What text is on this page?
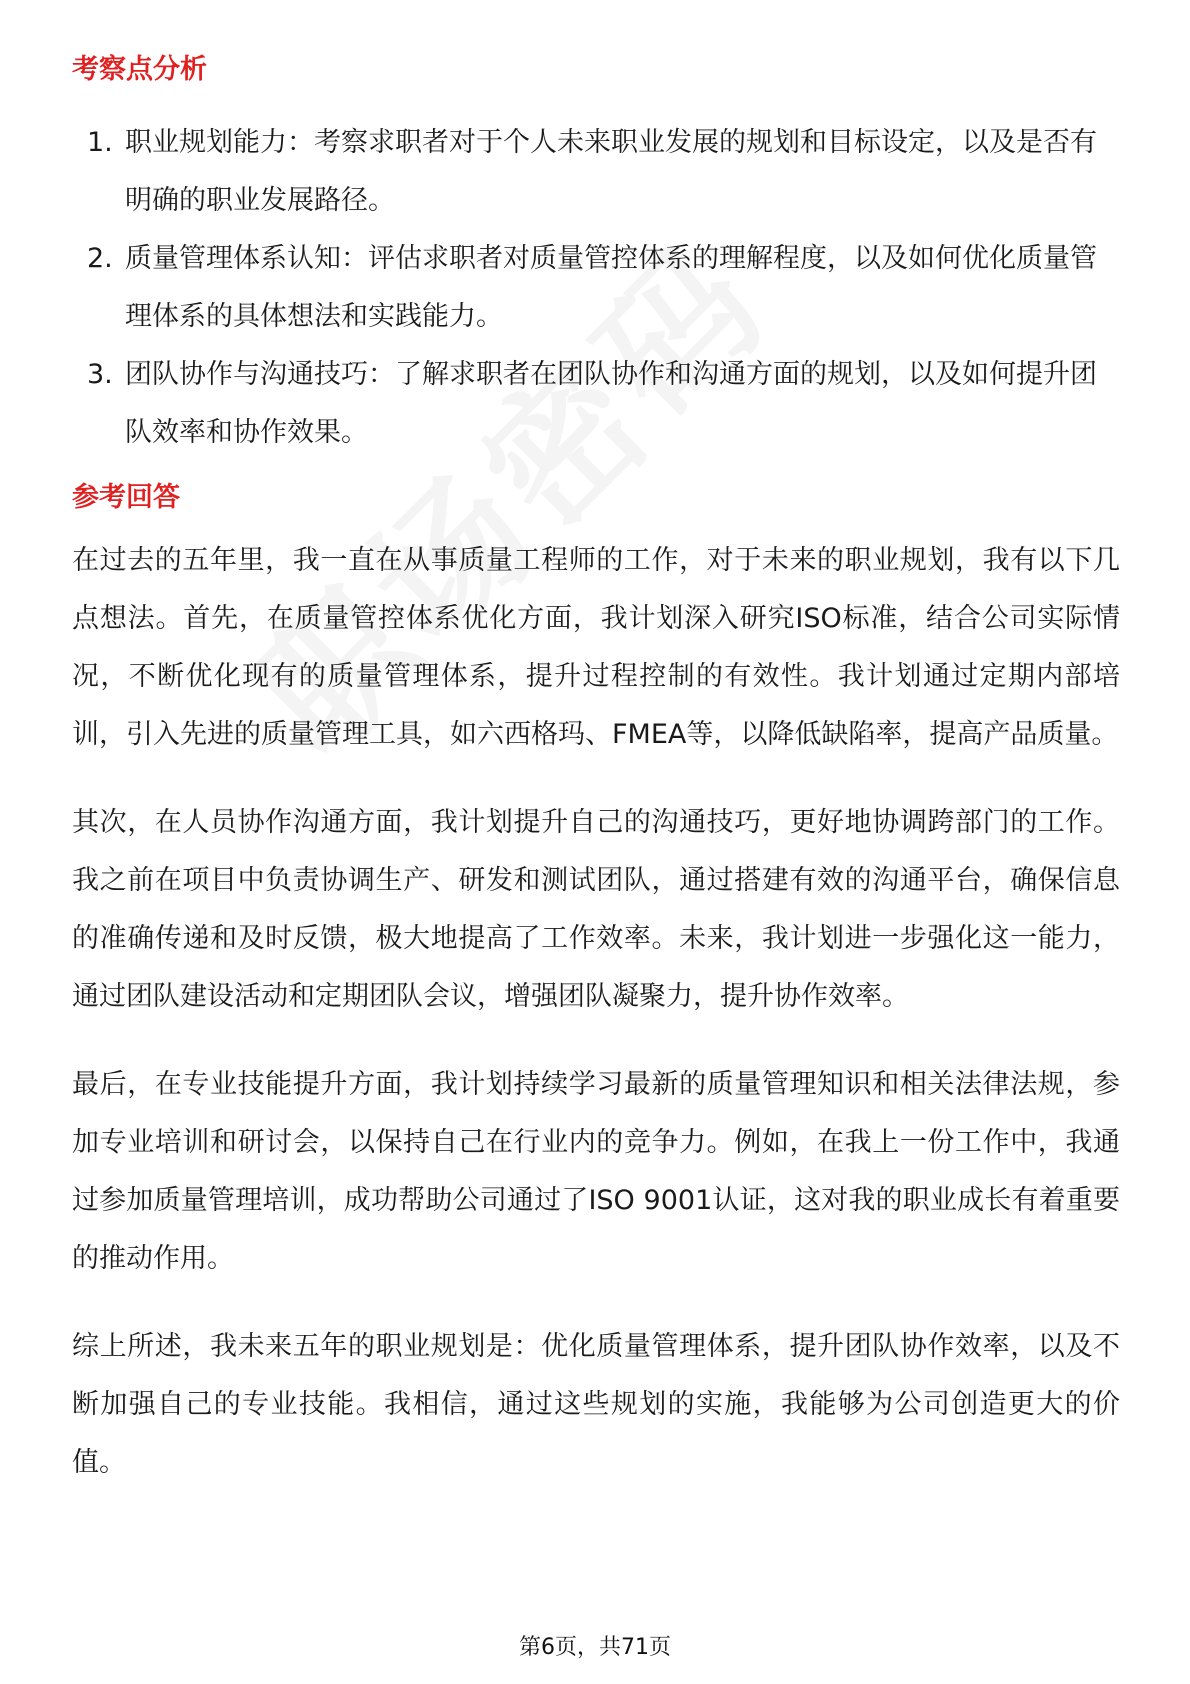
考察点分析
1. 职业规划能力：考察求职者对于个人未来职业发展的规划和目标设定，以及是否有明确的职业发展路径。
2. 质量管理体系认知：评估求职者对质量管控体系的理解程度，以及如何优化质量管理体系的具体想法和实践能力。
3. 团队协作与沟通技巧：了解求职者在团队协作和沟通方面的规划，以及如何提升团队效率和协作效果。
参考回答

在过去的五年里，我一直在从事质量工程师的工作，对于未来的职业规划，我有以下几点想法。首先，在质量管控体系优化方面，我计划深入研究ISO标准，结合公司实际情况，不断优化现有的质量管理体系，提升过程控制的有效性。我计划通过定期内部培训，引入先进的质量管理工具，如六西格玛、FMEA等，以降低缺陷率，提高产品质量。

其次，在人员协作沟通方面，我计划提升自己的沟通技巧，更好地协调跨部门的工作。我之前在项目中负责协调生产、研发和测试团队，通过搭建有效的沟通平台，确保信息的准确传递和及时反馈，极大地提高了工作效率。未来，我计划进一步强化这一能力，通过团队建设活动和定期团队会议，增强团队凝聚力，提升协作效率。

最后，在专业技能提升方面，我计划持续学习最新的质量管理知识和相关法律法规，参加专业培训和研讨会，以保持自己在行业内的竞争力。例如，在我上一份工作中，我通过参加质量管理培训，成功帮助公司通过了ISO 9001认证，这对我的职业成长有着重要的推动作用。

综上所述，我未来五年的职业规划是：优化质量管理体系，提升团队协作效率，以及不断加强自己的专业技能。我相信，通过这些规划的实施，我能够为公司创造更大的价值。

第6页，共71页
